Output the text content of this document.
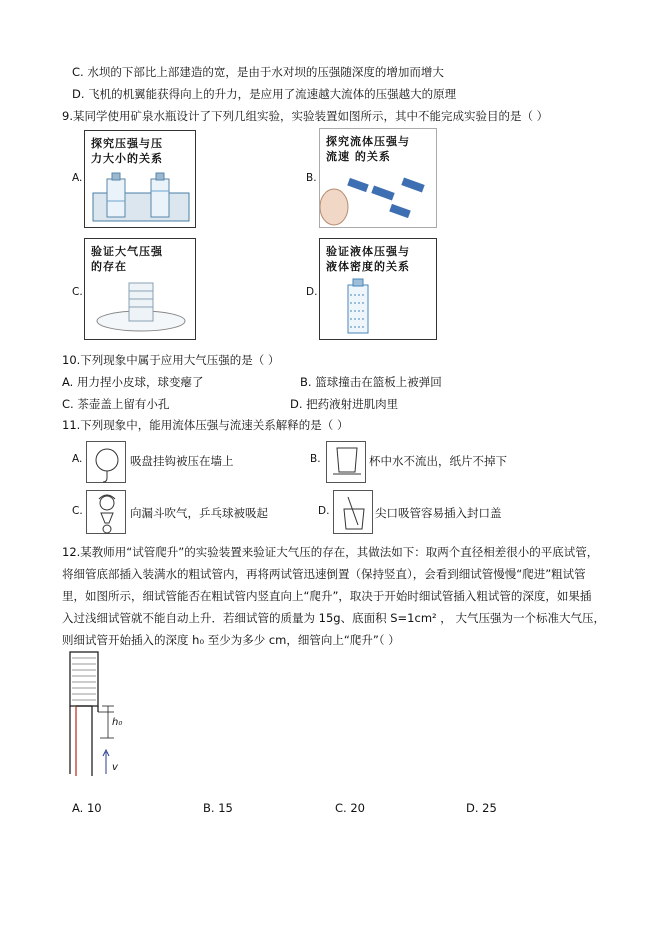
C. 水坝的下部比上部建造的宽，是由于水对坝的压强随深度的增加而增大
D. 飞机的机翼能获得向上的升力，是应用了流速越大流体的压强越大的原理
9.某同学使用矿泉水瓶设计了下列几组实验，实验装置如图所示，其中不能完成实验目的是（ ）
A.
探究压强与压
力大小的关系
B.
探究流体压强与
流速 的关系
C.
验证大气压强
的存在
D.
验证液体压强与
液体密度的关系
10.下列现象中属于应用大气压强的是（ ）
A. 用力捏小皮球，球变瘪了	B. 篮球撞击在篮板上被弹回
C. 茶壶盖上留有小孔	D. 把药液射进肌肉里
11.下列现象中，能用流体压强与流速关系解释的是（ ）
A.	吸盘挂钩被压在墙上	B.	杯中水不流出，纸片不掉下
C.	向漏斗吹气，乒乓球被吸起	D.	尖口吸管容易插入封口盖
12.某教师用“试管爬升”的实验装置来验证大气压的存在，其做法如下：取两个直径相差很小的平底试管，
将细管底部插入装满水的粗试管内，再将两试管迅速倒置（保持竖直），会看到细试管慢慢“爬进”粗试管
里，如图所示，细试管能否在粗试管内竖直向上“爬升”，取决于开始时细试管插入粗试管的深度，如果插
入过浅细试管就不能自动上升．若细试管的质量为 15g、底面积 S=1cm² ， 大气压强为一个标准大气压，
则细试管开始插入的深度 h₀ 至少为多少 cm，细管向上“爬升”（ ）
h₀
v
A. 10	B. 15	C. 20	D. 25
